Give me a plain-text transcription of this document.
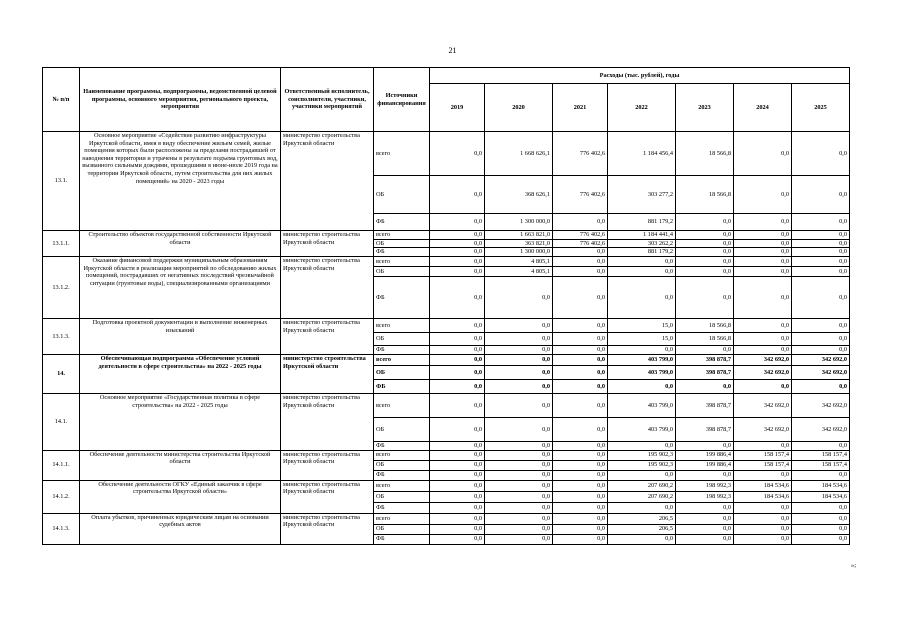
21
№ п/п	Наименование программы, подпрограммы, ведомственной целевой программы, основного мероприятия, регионального проекта, мероприятия	Ответственный исполнитель, соисполнители, участники, участники мероприятий	Источники финансирования	Расходы (тыс. рублей), годы						
				2019	2020	2021	2022	2023	2024	2025
13.1.	Основное мероприятие «Содействие развитию инфраструктуры Иркутской области, имея в виду обеспечение жильем семей, жилые помещения которых были расположены за пределами пострадавшей от наводнения территории и утрачены в результате подъема грунтовых вод, вызванного сильными дождями, прошедшими в июне-июле 2019 года на территории Иркутской области, путем строительства для них жилых помещений» на 2020 - 2023 годы	министерство строительства Иркутской области	всего	0,0	1 668 626,1	776 402,6	1 184 456,4	18 566,8	0,0	0,0
			ОБ	0,0	368 626,1	776 402,6	303 277,2	18 566,8	0,0	0,0
			ФБ	0,0	1 300 000,0	0,0	881 179,2	0,0	0,0	0,0
13.1.1.	Строительство объектов государственной собственности Иркутской области	министерство строительства Иркутской области	всего	0,0	1 663 821,0	776 402,6	1 184 441,4	0,0	0,0	0,0
			ОБ	0,0	363 821,0	776 402,6	303 262,2	0,0	0,0	0,0
			ФБ	0,0	1 300 000,0	0,0	881 179,2	0,0	0,0	0,0
13.1.2.	Оказание финансовой поддержки муниципальным образованиям Иркутской области в реализации мероприятий по обследованию жилых помещений, пострадавших от негативных последствий чрезвычайной ситуации (грунтовые воды), специализированными организациями	министерство строительства Иркутской области	всего	0,0	4 805,1	0,0	0,0	0,0	0,0	0,0
			ОБ	0,0	4 805,1	0,0	0,0	0,0	0,0	0,0
			ФБ	0,0	0,0	0,0	0,0	0,0	0,0	0,0
13.1.3.	Подготовка проектной документации и выполнение инженерных изысканий	министерство строительства Иркутской области	всего	0,0	0,0	0,0	15,0	18 566,8	0,0	0,0
			ОБ	0,0	0,0	0,0	15,0	18 566,8	0,0	0,0
			ФБ	0,0	0,0	0,0	0,0	0,0	0,0	0,0
14.	Обеспечивающая подпрограмма «Обеспечение условий деятельности в сфере строительства» на 2022 - 2025 годы	министерство строительства Иркутской области	всего	0,0	0,0	0,0	403 799,0	398 878,7	342 692,0	342 692,0
			ОБ	0,0	0,0	0,0	403 799,0	398 878,7	342 692,0	342 692,0
			ФБ	0,0	0,0	0,0	0,0	0,0	0,0	0,0
14.1.	Основное мероприятие «Государственная политика в сфере строительства» на 2022 - 2025 годы	министерство строительства Иркутской области	всего	0,0	0,0	0,0	403 799,0	398 878,7	342 692,0	342 692,0
			ОБ	0,0	0,0	0,0	403 799,0	398 878,7	342 692,0	342 692,0
			ФБ	0,0	0,0	0,0	0,0	0,0	0,0	0,0
14.1.1.	Обеспечение деятельности министерства строительства Иркутской области	министерство строительства Иркутской области	всего	0,0	0,0	0,0	195 902,3	199 886,4	158 157,4	158 157,4
			ОБ	0,0	0,0	0,0	195 902,3	199 886,4	158 157,4	158 157,4
			ФБ	0,0	0,0	0,0	0,0	0,0	0,0	0,0
14.1.2.	Обеспечение деятельности ОГКУ «Единый заказчик в сфере строительства Иркутской области»	министерство строительства Иркутской области	всего	0,0	0,0	0,0	207 690,2	198 992,3	184 534,6	184 534,6
			ОБ	0,0	0,0	0,0	207 690,2	198 992,3	184 534,6	184 534,6
			ФБ	0,0	0,0	0,0	0,0	0,0	0,0	0,0
14.1.3.	Оплата убытков, причиненных юридическим лицам на основании судебных актов	министерство строительства Иркутской области	всего	0,0	0,0	0,0	206,5	0,0	0,0	0,0
			ОБ	0,0	0,0	0,0	206,5	0,0	0,0	0,0
			ФБ	0,0	0,0	0,0	0,0	0,0	0,0	0,0
»;
